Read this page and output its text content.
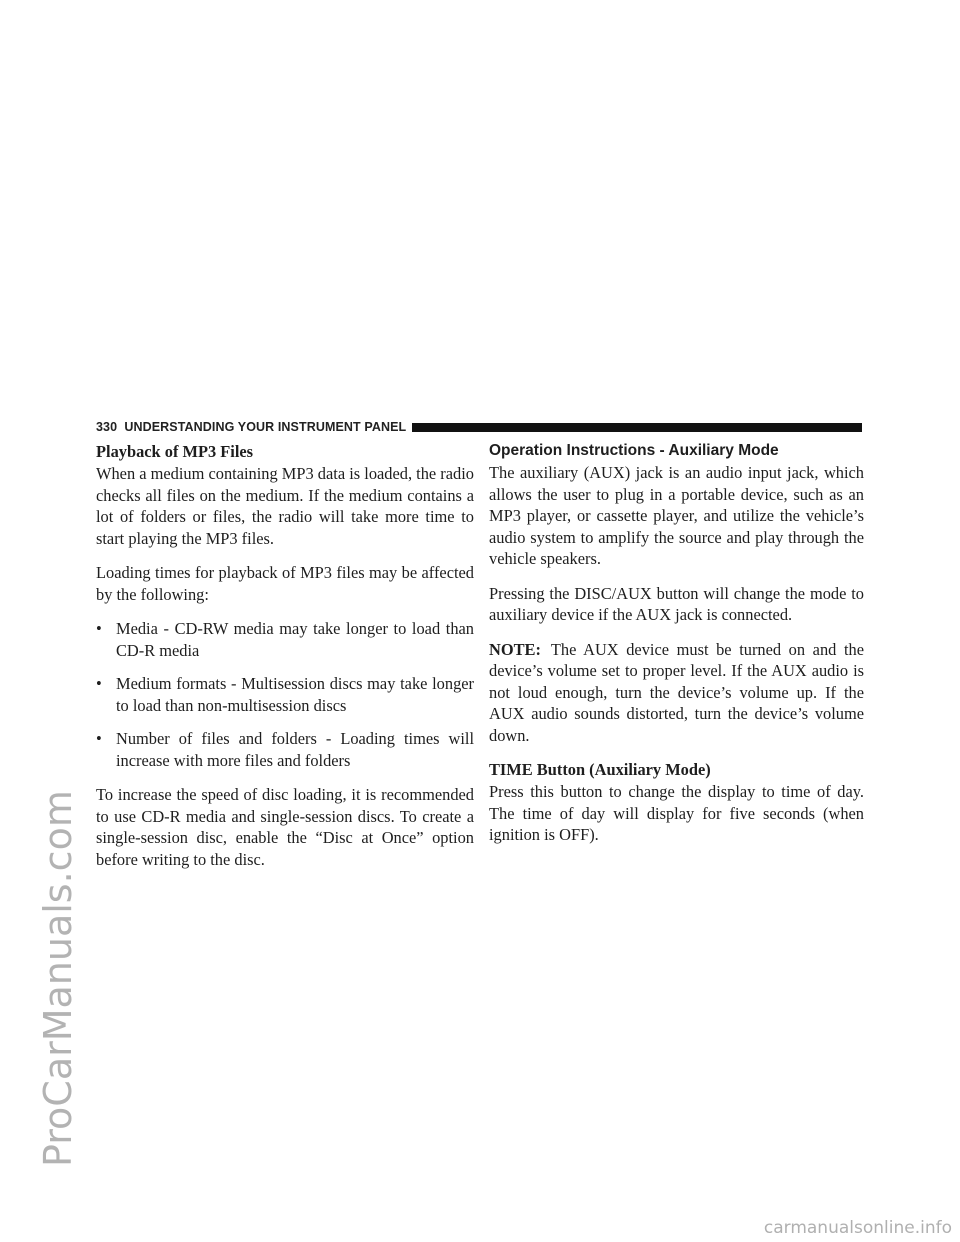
ProCarManuals.com
carmanualsonline.info
330 UNDERSTANDING YOUR INSTRUMENT PANEL
Playback of MP3 Files

When a medium containing MP3 data is loaded, the radio checks all files on the medium. If the medium contains a lot of folders or files, the radio will take more time to start playing the MP3 files.

Loading times for playback of MP3 files may be affected by the following:

• Media - CD-RW media may take longer to load than CD-R media
• Medium formats - Multisession discs may take longer to load than non-multisession discs
• Number of files and folders - Loading times will increase with more files and folders

To increase the speed of disc loading, it is recommended to use CD-R media and single-session discs. To create a single-session disc, enable the “Disc at Once” option before writing to the disc.

Operation Instructions - Auxiliary Mode

The auxiliary (AUX) jack is an audio input jack, which allows the user to plug in a portable device, such as an MP3 player, or cassette player, and utilize the vehicle’s audio system to amplify the source and play through the vehicle speakers.

Pressing the DISC/AUX button will change the mode to auxiliary device if the AUX jack is connected.

NOTE: The AUX device must be turned on and the device’s volume set to proper level. If the AUX audio is not loud enough, turn the device’s volume up. If the AUX audio sounds distorted, turn the device’s volume down.

TIME Button (Auxiliary Mode)

Press this button to change the display to time of day. The time of day will display for five seconds (when ignition is OFF).
